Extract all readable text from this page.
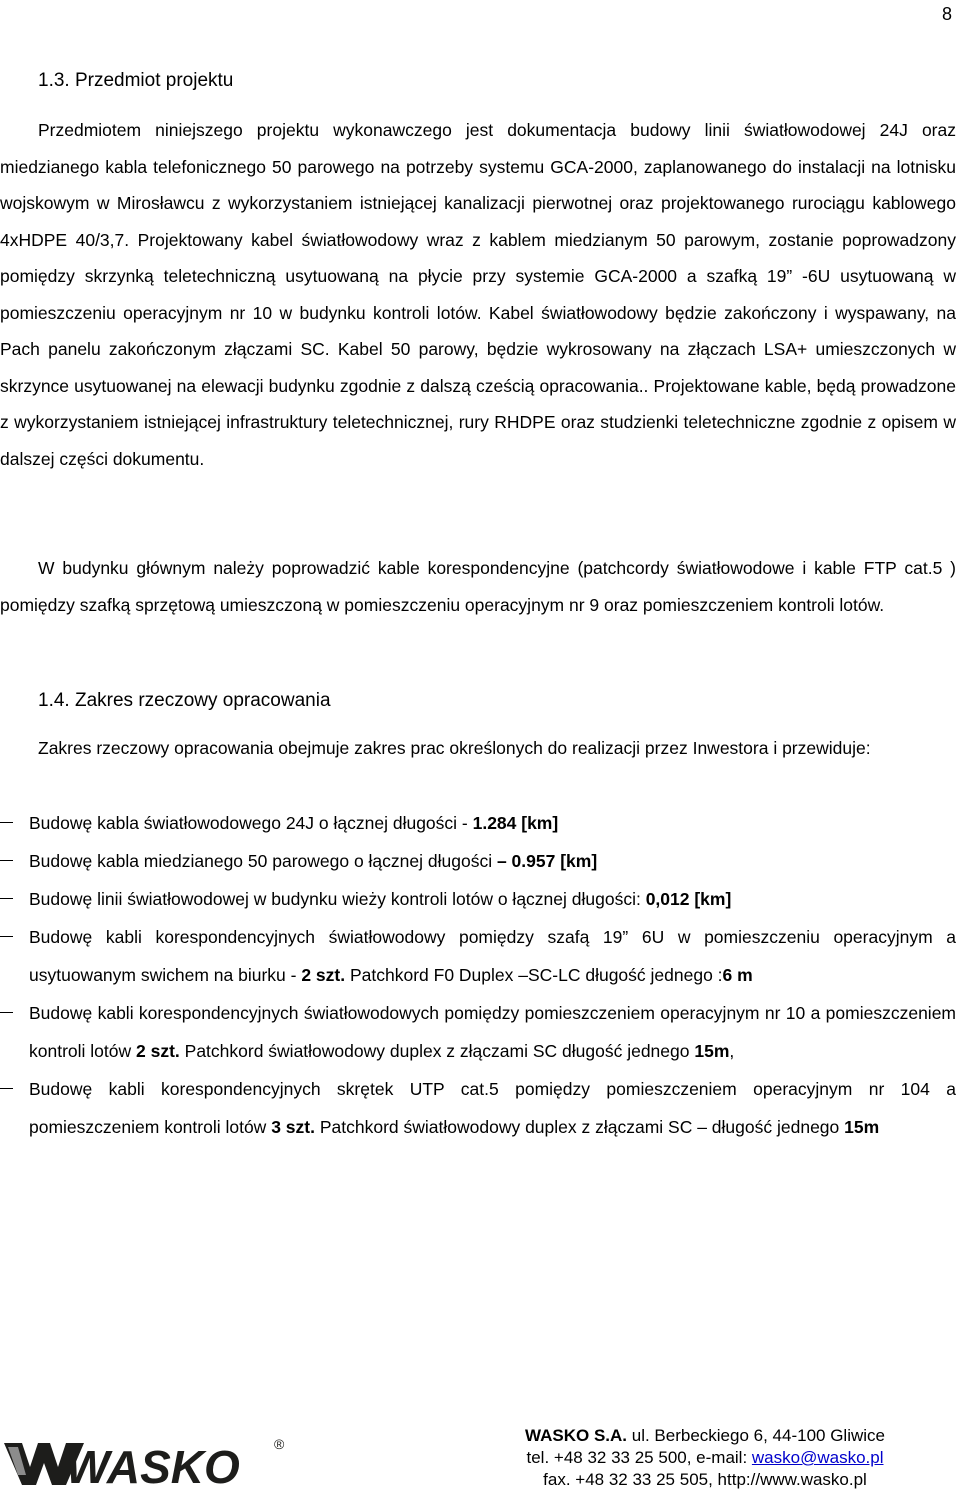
8
1.3. Przedmiot projektu

Przedmiotem niniejszego projektu wykonawczego jest dokumentacja budowy linii światłowodowej 24J oraz miedzianego kabla telefonicznego 50 parowego na potrzeby systemu GCA-2000, zaplanowanego do instalacji na lotnisku wojskowym w Mirosławcu z wykorzystaniem istniejącej kanalizacji pierwotnej oraz projektowanego rurociągu kablowego 4xHDPE 40/3,7. Projektowany kabel światłowodowy wraz z kablem miedzianym 50 parowym, zostanie poprowadzony pomiędzy skrzynką teletechniczną usytuowaną na płycie przy systemie GCA-2000 a szafką 19” -6U usytuowaną w pomieszczeniu operacyjnym nr 10 w budynku kontroli lotów. Kabel światłowodowy będzie zakończony i wyspawany, na Pach panelu zakończonym złączami SC. Kabel 50 parowy, będzie wykrosowany na złączach LSA+ umieszczonych w skrzynce usytuowanej na elewacji budynku zgodnie z dalszą cześcią opracowania.. Projektowane kable, będą prowadzone z wykorzystaniem istniejącej infrastruktury teletechnicznej, rury RHDPE oraz studzienki teletechniczne zgodnie z opisem w dalszej części dokumentu.

W budynku głównym należy poprowadzić kable korespondencyjne (patchcordy światłowodowe i kable FTP cat.5 ) pomiędzy szafką sprzętową umieszczoną w pomieszczeniu operacyjnym nr 9 oraz pomieszczeniem kontroli lotów.

1.4. Zakres rzeczowy opracowania

Zakres rzeczowy opracowania obejmuje zakres prac określonych do realizacji przez Inwestora i przewiduje:

Budowę kabla światłowodowego 24J o łącznej długości - 1.284 [km]
Budowę kabla miedzianego 50 parowego o łącznej długości – 0.957 [km]
Budowę linii światłowodowej w budynku wieży kontroli lotów o łącznej długości: 0,012 [km]
Budowę kabli korespondencyjnych światłowodowy pomiędzy szafą 19” 6U w pomieszczeniu operacyjnym a usytuowanym swichem na biurku - 2 szt. Patchkord F0 Duplex –SC-LC długość jednego :6 m
Budowę kabli korespondencyjnych światłowodowych pomiędzy pomieszczeniem operacyjnym nr 10 a pomieszczeniem kontroli lotów 2 szt. Patchkord światłowodowy duplex z złączami SC długość jednego 15m,
Budowę kabli korespondencyjnych skrętek UTP cat.5 pomiędzy pomieszczeniem operacyjnym nr 104 a pomieszczeniem kontroli lotów 3 szt. Patchkord światłowodowy duplex z złączami SC – długość jednego 15m
WASKO ®	WASKO S.A. ul. Berbeckiego 6, 44-100 Gliwice
tel. +48 32 33 25 500, e-mail: wasko@wasko.pl
fax. +48 32 33 25 505, http://www.wasko.pl
